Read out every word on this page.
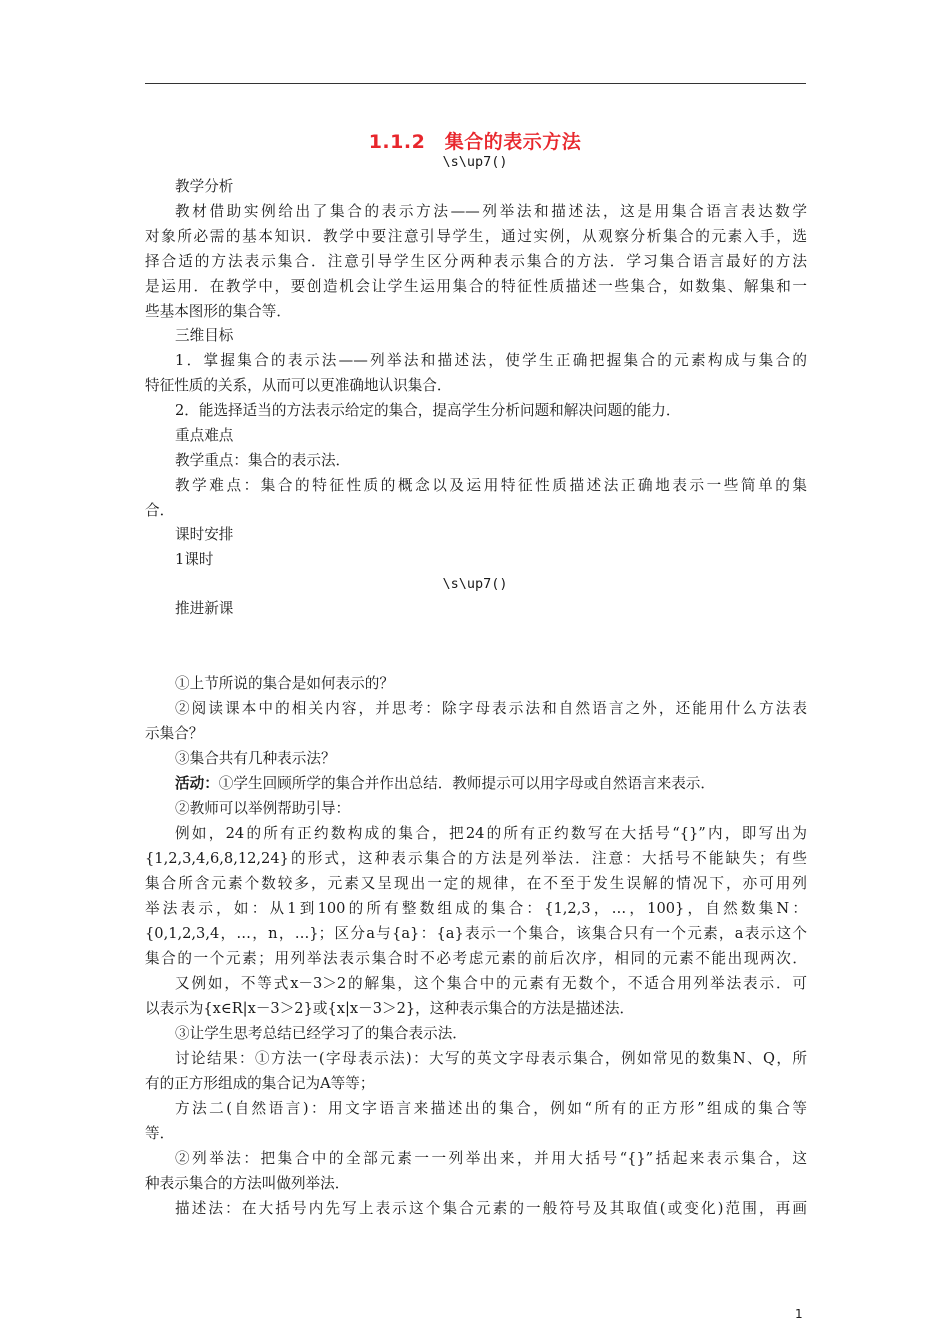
1.1.2　集合的表示方法
\s\up7()
教学分析
教材借助实例给出了集合的表示方法——列举法和描述法，这是用集合语言表达数学
对象所必需的基本知识．教学中要注意引导学生，通过实例，从观察分析集合的元素入手，选
择合适的方法表示集合．注意引导学生区分两种表示集合的方法．学习集合语言最好的方法
是运用．在教学中，要创造机会让学生运用集合的特征性质描述一些集合，如数集、解集和一
些基本图形的集合等．
三维目标
1．掌握集合的表示法——列举法和描述法，使学生正确把握集合的元素构成与集合的
特征性质的关系，从而可以更准确地认识集合．
2．能选择适当的方法表示给定的集合，提高学生分析问题和解决问题的能力．
重点难点
教学重点：集合的表示法．
教学难点：集合的特征性质的概念以及运用特征性质描述法正确地表示一些简单的集
合．
课时安排
1课时
\s\up7()
推进新课
①上节所说的集合是如何表示的？
②阅读课本中的相关内容，并思考：除字母表示法和自然语言之外，还能用什么方法表
示集合？
③集合共有几种表示法？
活动：①学生回顾所学的集合并作出总结．教师提示可以用字母或自然语言来表示．
②教师可以举例帮助引导：
例如，24的所有正约数构成的集合，把24的所有正约数写在大括号“{}”内，即写出为
{1,2,3,4,6,8,12,24}的形式，这种表示集合的方法是列举法．注意：大括号不能缺失；有些
集合所含元素个数较多，元素又呈现出一定的规律，在不至于发生误解的情况下，亦可用列
举法表示，如：从1到100的所有整数组成的集合：{1,2,3，…，100}，自然数集N：
{0,1,2,3,4，…，n，…}；区分a与{a}：{a}表示一个集合，该集合只有一个元素，a表示这个
集合的一个元素；用列举法表示集合时不必考虑元素的前后次序，相同的元素不能出现两次．
又例如，不等式x－3＞2的解集，这个集合中的元素有无数个，不适合用列举法表示．可
以表示为{x∈R|x－3＞2}或{x|x－3＞2}，这种表示集合的方法是描述法．
③让学生思考总结已经学习了的集合表示法．
讨论结果：①方法一(字母表示法)：大写的英文字母表示集合，例如常见的数集N、Q，所
有的正方形组成的集合记为A等等；
方法二(自然语言)：用文字语言来描述出的集合，例如“所有的正方形”组成的集合等
等．
②列举法：把集合中的全部元素一一列举出来，并用大括号“{}”括起来表示集合，这
种表示集合的方法叫做列举法．
描述法：在大括号内先写上表示这个集合元素的一般符号及其取值(或变化)范围，再画
1
